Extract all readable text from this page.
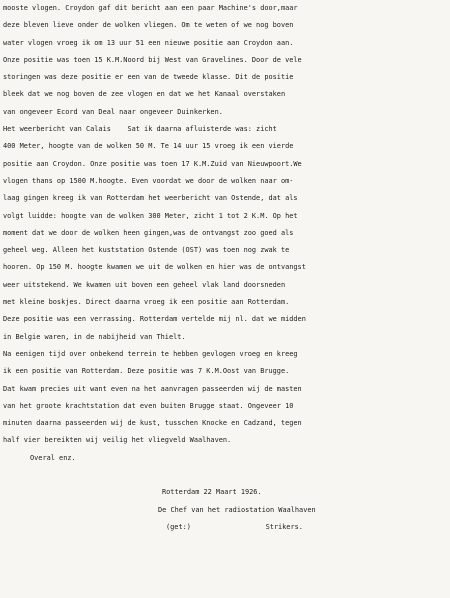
mooste vlogen. Croydon gaf dit bericht aan een paar Machine's door,maar
deze bleven lieve onder de wolken vliegen. Om te weten of we nog boven
water vlogen vroeg ik om 13 uur 51 een nieuwe positie aan Croydon aan.
Onze positie was toen 15 K.M.Noord bij West van Gravelines. Door de vele
storingen was deze positie er een van de tweede klasse. Dit de positie
bleek dat we nog boven de zee vlogen en dat we het Kanaal overstaken
van ongeveer Ecord van Deal naar ongeveer Duinkerken.
Het weerbericht van Calais    Sat ik daarna afluisterde was: zicht
400 Meter, hoogte van de wolken 50 M. Te 14 uur 15 vroeg ik een vierde
positie aan Croydon. Onze positie was toen 17 K.M.Zuid van Nieuwpoort.We
vlogen thans op 1500 M.hoogte. Even voordat we door de wolken naar om-
laag gingen kreeg ik van Rotterdam het weerbericht van Ostende, dat als
volgt luidde: hoogte van de wolken 300 Meter, zicht 1 tot 2 K.M. Op het
moment dat we door de wolken heen gingen,was de ontvangst zoo goed als
geheel weg. Alleen het kuststation Ostende (OST) was toen nog zwak te
hooren. Op 150 M. hoogte kwamen we uit de wolken en hier was de ontvangst
weer uitstekend. We kwamen uit boven een geheel vlak land doorsneden
met kleine boskjes. Direct daarna vroeg ik een positie aan Rotterdam.
Deze positie was een verrassing. Rotterdam vertelde mij nl. dat we midden
in Belgie waren, in de nabijheid van Thielt.
Na eenigen tijd over onbekend terrein te hebben gevlogen vroeg en kreeg
ik een positie van Rotterdam. Deze positie was 7 K.M.Oost van Brugge.
Dat kwam precies uit want even na het aanvragen passeerden wij de masten
van het groote krachtstation dat even buiten Brugge staat. Ongeveer 10
minuten daarna passeerden wij de kust, tusschen Knocke en Cadzand, tegen
half vier bereikten wij veilig het vliegveld Waalhaven.
Overal enz.
Rotterdam 22 Maart 1926.
De Chef van het radiostation Waalhaven
(get:)                  Strikers.
